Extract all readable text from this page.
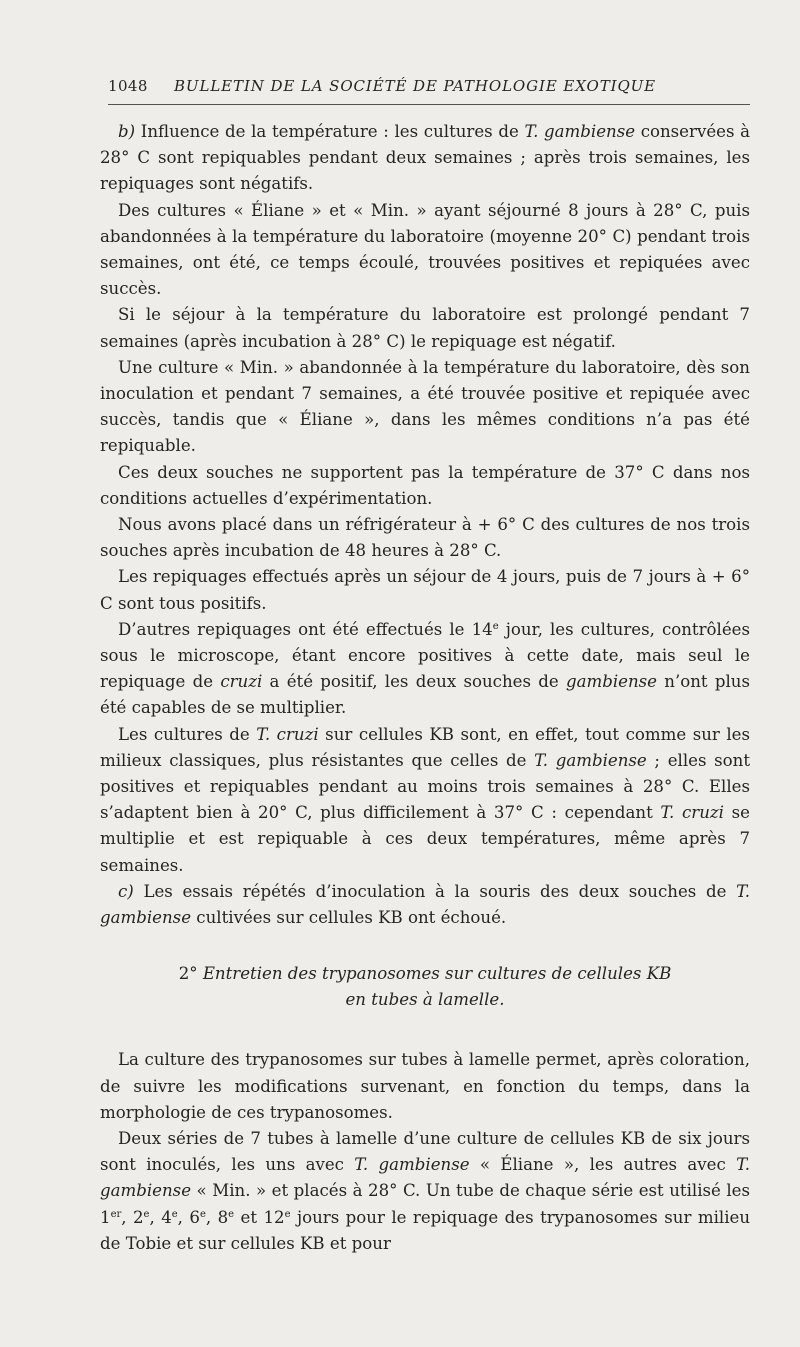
1048 BULLETIN DE LA SOCIÉTÉ DE PATHOLOGIE EXOTIQUE

b) Influence de la température : les cultures de T. gambiense conservées à 28° C sont repiquables pendant deux semaines ; après trois semaines, les repiquages sont négatifs.

Des cultures « Éliane » et « Min. » ayant séjourné 8 jours à 28° C, puis abandonnées à la température du laboratoire (moyenne 20° C) pendant trois semaines, ont été, ce temps écoulé, trouvées positives et repiquées avec succès.

Si le séjour à la température du laboratoire est prolongé pendant 7 semaines (après incubation à 28° C) le repiquage est négatif.

Une culture « Min. » abandonnée à la température du laboratoire, dès son inoculation et pendant 7 semaines, a été trouvée positive et repiquée avec succès, tandis que « Éliane », dans les mêmes conditions n’a pas été repiquable.

Ces deux souches ne supportent pas la température de 37° C dans nos conditions actuelles d’expérimentation.

Nous avons placé dans un réfrigérateur à + 6° C des cultures de nos trois souches après incubation de 48 heures à 28° C.

Les repiquages effectués après un séjour de 4 jours, puis de 7 jours à + 6° C sont tous positifs.

D’autres repiquages ont été effectués le 14e jour, les cultures, contrôlées sous le microscope, étant encore positives à cette date, mais seul le repiquage de cruzi a été positif, les deux souches de gambiense n’ont plus été capables de se multiplier.

Les cultures de T. cruzi sur cellules KB sont, en effet, tout comme sur les milieux classiques, plus résistantes que celles de T. gambiense ; elles sont positives et repiquables pendant au moins trois semaines à 28° C. Elles s’adaptent bien à 20° C, plus difficilement à 37° C : cependant T. cruzi se multiplie et est repiquable à ces deux températures, même après 7 semaines.

c) Les essais répétés d’inoculation à la souris des deux souches de T. gambiense cultivées sur cellules KB ont échoué.

2° Entretien des trypanosomes sur cultures de cellules KB
en tubes à lamelle.

La culture des trypanosomes sur tubes à lamelle permet, après coloration, de suivre les modifications survenant, en fonction du temps, dans la morphologie de ces trypanosomes.

Deux séries de 7 tubes à lamelle d’une culture de cellules KB de six jours sont inoculés, les uns avec T. gambiense « Éliane », les autres avec T. gambiense « Min. » et placés à 28° C. Un tube de chaque série est utilisé les 1er, 2e, 4e, 6e, 8e et 12e jours pour le repiquage des trypanosomes sur milieu de Tobie et sur cellules KB et pour
